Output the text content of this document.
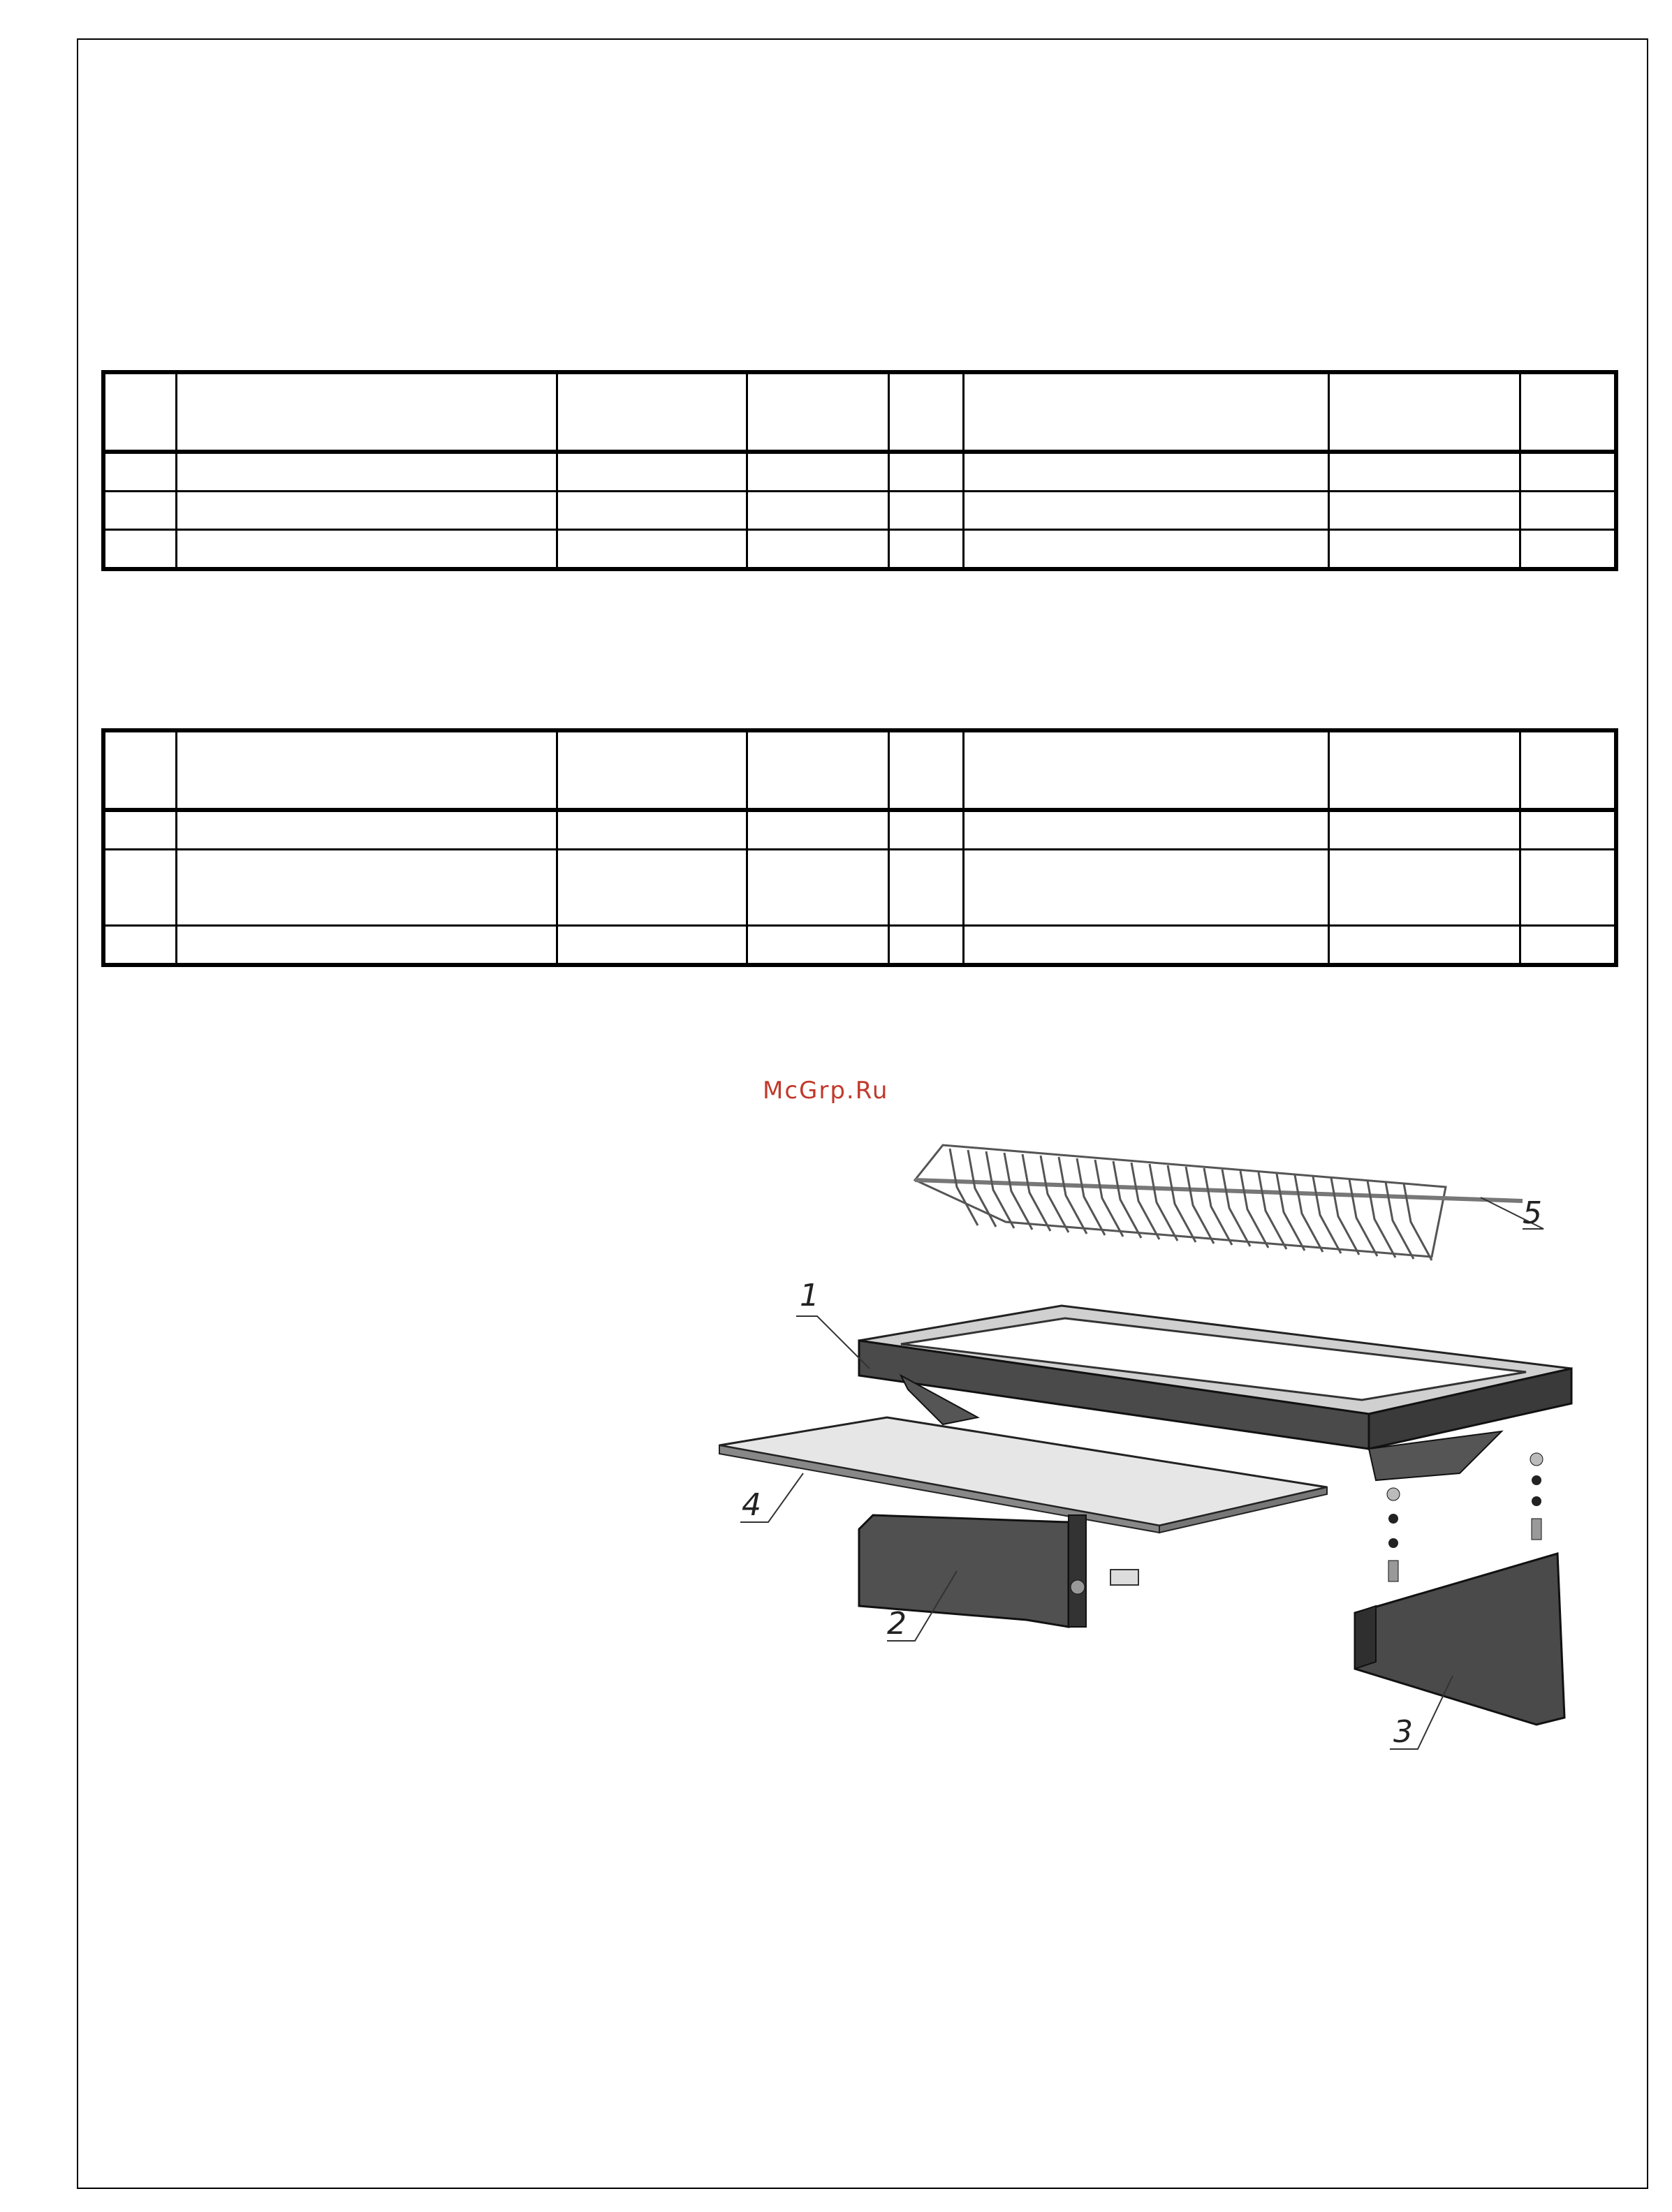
McGrp.Ru
1
2
3
4
5
